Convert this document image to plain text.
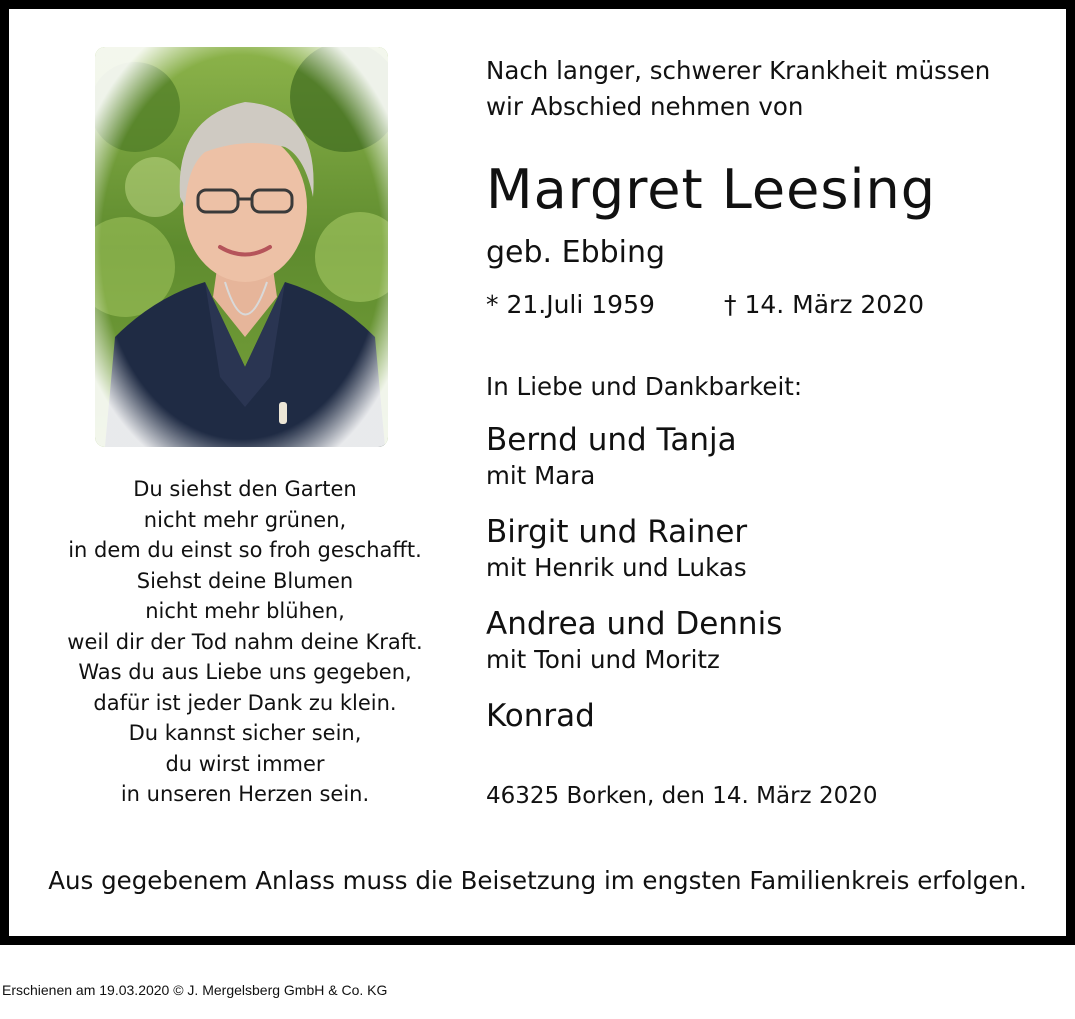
Du siehst den Garten
nicht mehr grünen,
in dem du einst so froh geschafft.
Siehst deine Blumen
nicht mehr blühen,
weil dir der Tod nahm deine Kraft.
Was du aus Liebe uns gegeben,
dafür ist jeder Dank zu klein.
Du kannst sicher sein,
du wirst immer
in unseren Herzen sein.
Nach langer, schwerer Krankheit müssen
wir Abschied nehmen von
Margret Leesing
geb. Ebbing
* 21.Juli 1959	† 14. März 2020
In Liebe und Dankbarkeit:
Bernd und Tanja
mit Mara
Birgit und Rainer
mit Henrik und Lukas
Andrea und Dennis
mit Toni und Moritz
Konrad
46325 Borken, den 14. März 2020
Aus gegebenem Anlass muss die Beisetzung im engsten Familienkreis erfolgen.
Erschienen am 19.03.2020 © J. Mergelsberg GmbH & Co. KG
